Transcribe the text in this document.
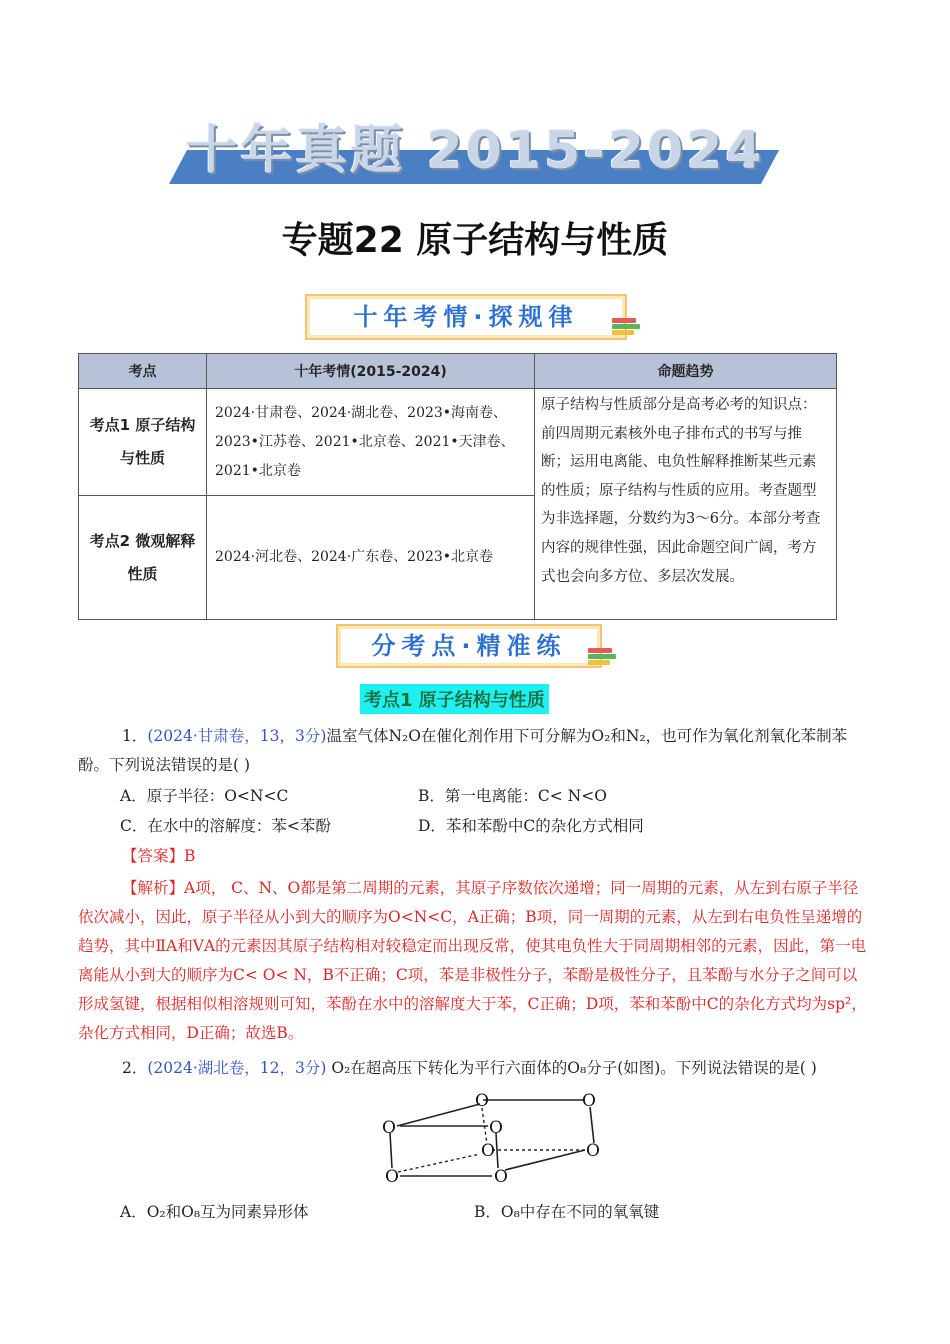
十年真题 2015-2024
专题22 原子结构与性质
十年考情·探规律
考点	十年考情(2015-2024)	命题趋势
考点1 原子结构与性质	2024·甘肃卷、2024·湖北卷、2023•海南卷、2023•江苏卷、2021•北京卷、2021•天津卷、2021•北京卷	原子结构与性质部分是高考必考的知识点：前四周期元素核外电子排布式的书写与推断；运用电离能、电负性解释推断某些元素的性质；原子结构与性质的应用。考查题型为非选择题，分数约为3～6分。本部分考查内容的规律性强，因此命题空间广阔，考方式也会向多方位、多层次发展。
考点2 微观解释性质	2024·河北卷、2024·广东卷、2023•北京卷	
分考点·精准练
考点1 原子结构与性质
1．(2024·甘肃卷，13，3分)温室气体N₂O在催化剂作用下可分解为O₂和N₂，也可作为氧化剂氧化苯制苯酚。下列说法错误的是( )
A．原子半径：O<N<C	B．第一电离能：C< N<O
C．在水中的溶解度：苯<苯酚	D．苯和苯酚中C的杂化方式相同
【答案】B
【解析】A项， C、N、O都是第二周期的元素，其原子序数依次递增；同一周期的元素，从左到右原子半径依次减小，因此，原子半径从小到大的顺序为O<N<C，A正确；B项，同一周期的元素，从左到右电负性呈递增的趋势，其中ⅡA和ⅤA的元素因其原子结构相对较稳定而出现反常，使其电负性大于同周期相邻的元素，因此，第一电离能从小到大的顺序为C< O< N，B不正确；C项，苯是非极性分子，苯酚是极性分子，且苯酚与水分子之间可以形成氢键，根据相似相溶规则可知，苯酚在水中的溶解度大于苯，C正确；D项，苯和苯酚中C的杂化方式均为sp²，杂化方式相同，D正确；故选B。
2．(2024·湖北卷，12，3分) O₂在超高压下转化为平行六面体的O₈分子(如图)。下列说法错误的是( )
O	O
O	O
O	O
O	O
A．O₂和O₈互为同素异形体	B．O₈中存在不同的氧氧键
